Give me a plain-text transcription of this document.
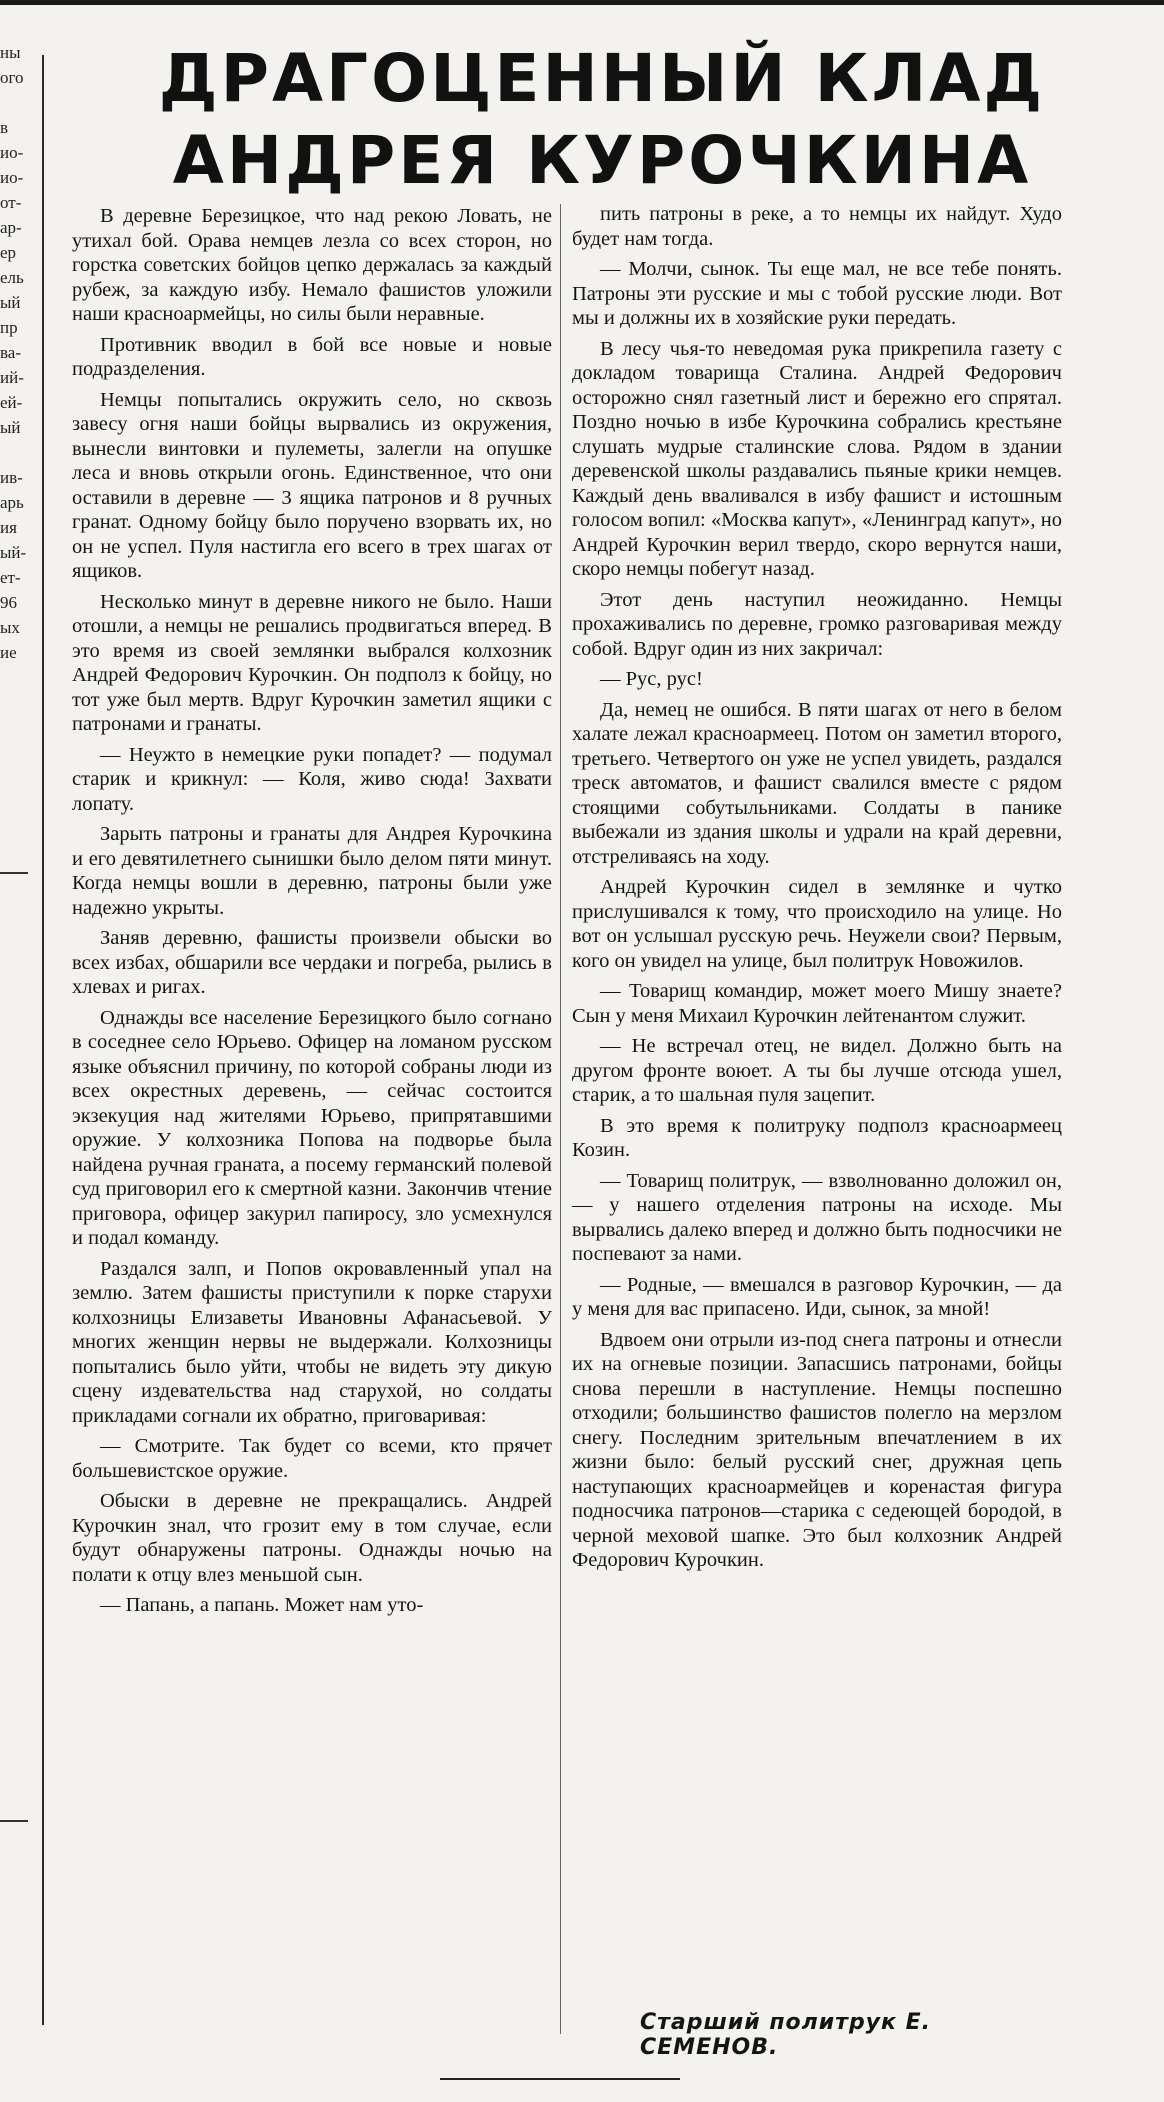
ны
ого
в
ио-
ио-
от-
ар-
ер
ель
ый
пр
ва-
ий-
ей-
ый
ив-
арь
ия
ый-
ет-
96
ых
ие
ДРАГОЦЕННЫЙ КЛАД
АНДРЕЯ КУРОЧКИНА

В деревне Березицкое, что над рекою Ловать, не утихал бой. Орава немцев лезла со всех сторон, но горстка советских бойцов цепко держалась за каждый рубеж, за каждую избу. Немало фашистов уложили наши красноармейцы, но силы были неравные.

Противник вводил в бой все новые и новые подразделения.

Немцы попытались окружить село, но сквозь завесу огня наши бойцы вырвались из окружения, вынесли винтовки и пулеметы, залегли на опушке леса и вновь открыли огонь. Единственное, что они оставили в деревне — 3 ящика патронов и 8 ручных гранат. Одному бойцу было поручено взорвать их, но он не успел. Пуля настигла его всего в трех шагах от ящиков.

Несколько минут в деревне никого не было. Наши отошли, а немцы не решались продвигаться вперед. В это время из своей землянки выбрался колхозник Андрей Федорович Курочкин. Он подполз к бойцу, но тот уже был мертв. Вдруг Курочкин заметил ящики с патронами и гранаты.

— Неужто в немецкие руки попадет? — подумал старик и крикнул: — Коля, живо сюда! Захвати лопату.

Зарыть патроны и гранаты для Андрея Курочкина и его девятилетнего сынишки было делом пяти минут. Когда немцы вошли в деревню, патроны были уже надежно укрыты.

Заняв деревню, фашисты произвели обыски во всех избах, обшарили все чердаки и погреба, рылись в хлевах и ригах.

Однажды все население Березицкого было согнано в соседнее село Юрьево. Офицер на ломаном русском языке объяснил причину, по которой собраны люди из всех окрестных деревень, — сейчас состоится экзекуция над жителями Юрьево, припрятавшими оружие. У колхозника Попова на подворье была найдена ручная граната, а посему германский полевой суд приговорил его к смертной казни. Закончив чтение приговора, офицер закурил папиросу, зло усмехнулся и подал команду.

Раздался залп, и Попов окровавленный упал на землю. Затем фашисты приступили к порке старухи колхозницы Елизаветы Ивановны Афанасьевой. У многих женщин нервы не выдержали. Колхозницы попытались было уйти, чтобы не видеть эту дикую сцену издевательства над старухой, но солдаты прикладами согнали их обратно, приговаривая:

— Смотрите. Так будет со всеми, кто прячет большевистское оружие.

Обыски в деревне не прекращались. Андрей Курочкин знал, что грозит ему в том случае, если будут обнаружены патроны. Однажды ночью на полати к отцу влез меньшой сын.

— Папань, а папань. Может нам уто-

пить патроны в реке, а то немцы их найдут. Худо будет нам тогда.

— Молчи, сынок. Ты еще мал, не все тебе понять. Патроны эти русские и мы с тобой русские люди. Вот мы и должны их в хозяйские руки передать.

В лесу чья-то неведомая рука прикрепила газету с докладом товарища Сталина. Андрей Федорович осторожно снял газетный лист и бережно его спрятал. Поздно ночью в избе Курочкина собрались крестьяне слушать мудрые сталинские слова. Рядом в здании деревенской школы раздавались пьяные крики немцев. Каждый день вваливался в избу фашист и истошным голосом вопил: «Москва капут», «Ленинград капут», но Андрей Курочкин верил твердо, скоро вернутся наши, скоро немцы побегут назад.

Этот день наступил неожиданно. Немцы прохаживались по деревне, громко разговаривая между собой. Вдруг один из них закричал:

— Рус, рус!

Да, немец не ошибся. В пяти шагах от него в белом халате лежал красноармеец. Потом он заметил второго, третьего. Четвертого он уже не успел увидеть, раздался треск автоматов, и фашист свалился вместе с рядом стоящими собутыльниками. Солдаты в панике выбежали из здания школы и удрали на край деревни, отстреливаясь на ходу.

Андрей Курочкин сидел в землянке и чутко прислушивался к тому, что происходило на улице. Но вот он услышал русскую речь. Неужели свои? Первым, кого он увидел на улице, был политрук Новожилов.

— Товарищ командир, может моего Мишу знаете? Сын у меня Михаил Курочкин лейтенантом служит.

— Не встречал отец, не видел. Должно быть на другом фронте воюет. А ты бы лучше отсюда ушел, старик, а то шальная пуля зацепит.

В это время к политруку подполз красноармеец Козин.

— Товарищ политрук, — взволнованно доложил он, — у нашего отделения патроны на исходе. Мы вырвались далеко вперед и должно быть подносчики не поспевают за нами.

— Родные, — вмешался в разговор Курочкин, — да у меня для вас припасено. Иди, сынок, за мной!

Вдвоем они отрыли из-под снега патроны и отнесли их на огневые позиции. Запасшись патронами, бойцы снова перешли в наступление. Немцы поспешно отходили; большинство фашистов полегло на мерзлом снегу. Последним зрительным впечатлением в их жизни было: белый русский снег, дружная цепь наступающих красноармейцев и коренастая фигура подносчика патронов—старика с седеющей бородой, в черной меховой шапке. Это был колхозник Андрей Федорович Курочкин.

Старший политрук Е. СЕМЕНОВ.
